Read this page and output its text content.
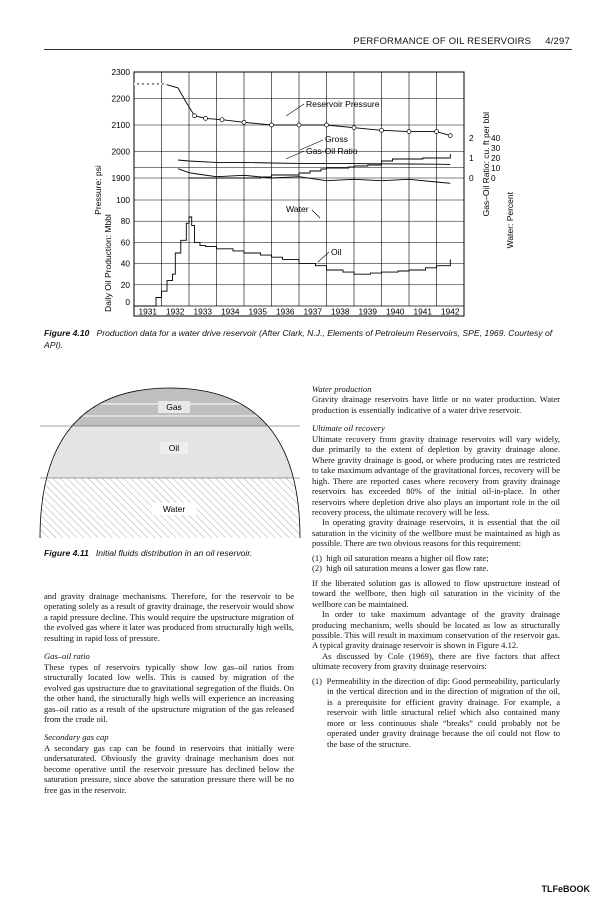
PERFORMANCE OF OIL RESERVOIRS 4/297
1931 1932 1933 1934 1935 1936 1937 1938 1939 1940 1941 1942
2300
2200
2100
2000
1900
100
80
60
40
20
0
2
1
0
40
30
20
10
0
Reservoir Pressure
Gross
Gas-Oil Ratio
Water
Oil
Pressure: psi
Daily Oil Production: Mbbl
Gas–Oil Ratio: cu. ft per bbl
Water: Percent
Figure 4.10 Production data for a water drive reservoir (After Clark, N.J., Elements of Petroleum Reservoirs, SPE, 1969. Courtesy of API).
Gas
Oil
Water
Figure 4.11 Initial fluids distribution in an oil reservoir.

and gravity drainage mechanisms. Therefore, for the reservoir to be operating solely as a result of gravity drainage, the reservoir would show a rapid pressure decline. This would require the upstructure migration of the evolved gas where it later was produced from structurally high wells, resulting in rapid loss of pressure.

Gas–oil ratio

These types of reservoirs typically show low gas–oil ratios from structurally located low wells. This is caused by migration of the evolved gas upstructure due to gravitational segregation of the fluids. On the other hand, the structurally high wells will experience an increasing gas–oil ratio as a result of the upstructure migration of the gas released from the crude oil.

Secondary gas cap

A secondary gas cap can be found in reservoirs that initially were undersaturated. Obviously the gravity drainage mechanism does not become operative until the reservoir pressure has declined below the saturation pressure, since above the saturation pressure there will be no free gas in the reservoir.

Water production

Gravity drainage reservoirs have little or no water production. Water production is essentially indicative of a water drive reservoir.

Ultimate oil recovery

Ultimate recovery from gravity drainage reservoirs will vary widely, due primarily to the extent of depletion by gravity drainage alone. Where gravity drainage is good, or where producing rates are restricted to take maximum advantage of the gravitational forces, recovery will be high. There are reported cases where recovery from gravity drainage reservoirs has exceeded 80% of the initial oil-in-place. In other reservoirs where depletion drive also plays an important role in the oil recovery process, the ultimate recovery will be less.

In operating gravity drainage reservoirs, it is essential that the oil saturation in the vicinity of the wellbore must be maintained as high as possible. There are two obvious reasons for this requirement:

(1) high oil saturation means a higher oil flow rate;
(2) high oil saturation means a lower gas flow rate.

If the liberated solution gas is allowed to flow upstructure instead of toward the wellbore, then high oil saturation in the vicinity of the wellbore can be maintained.

In order to take maximum advantage of the gravity drainage producing mechanism, wells should be located as low as structurally possible. This will result in maximum conservation of the reservoir gas. A typical gravity drainage reservoir is shown in Figure 4.12.

As discussed by Cole (1969), there are five factors that affect ultimate recovery from gravity drainage reservoirs:

(1) Permeability in the direction of dip: Good permeability, particularly in the vertical direction and in the direction of migration of the oil, is a prerequisite for efficient gravity drainage. For example, a reservoir with little structural relief which also contained many more or less continuous shale “breaks” could probably not be operated under gravity drainage because the oil could not flow to the base of the structure.
TLFeBOOK
